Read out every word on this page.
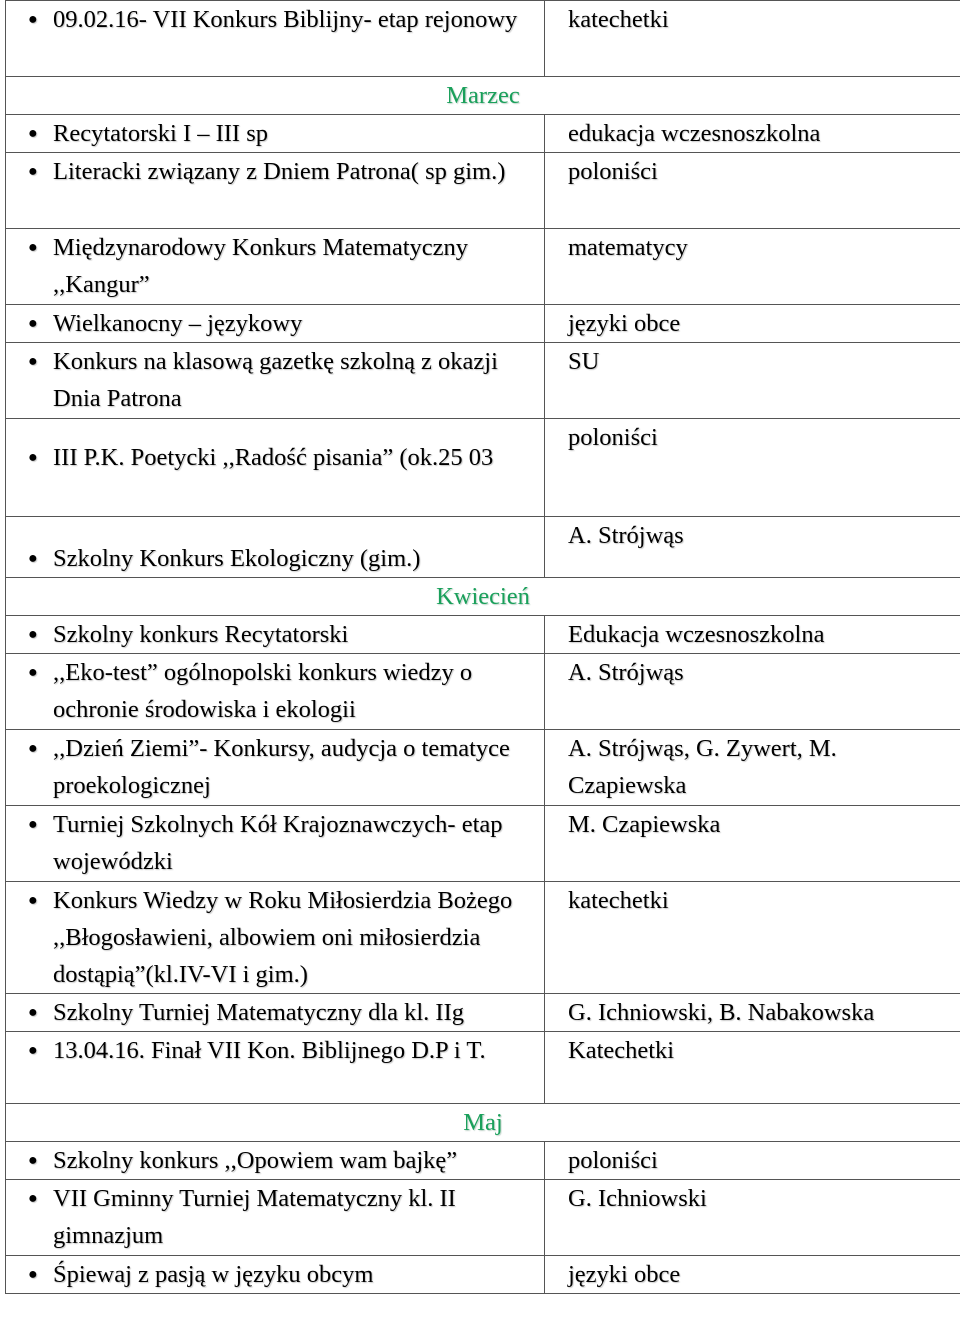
● 09.02.16- VII Konkurs Biblijny- etap rejonowy	katechetki

Marzec	

● Recytatorski I – III sp	edukacja wczesnoszkolna

● Literacki związany z Dniem Patrona( sp gim.)	poloniści

● Międzynarodowy Konkurs Matematyczny ,,Kangur”	matematycy

● Wielkanocny – językowy	języki obce

● Konkurs na klasową gazetkę szkolną z okazji Dnia Patrona	SU

● III P.K. Poetycki ,,Radość pisania” (ok.25 03	poloniści

● Szkolny Konkurs Ekologiczny (gim.)	A. Strójwąs

Kwiecień	

● Szkolny konkurs Recytatorski	Edukacja wczesnoszkolna

● ,,Eko-test” ogólnopolski konkurs wiedzy o ochronie środowiska i ekologii	A. Strójwąs

● ,,Dzień Ziemi”- Konkursy, audycja o tematyce proekologicznej	A. Strójwąs, G. Zywert, M. Czapiewska

● Turniej Szkolnych Kół Krajoznawczych- etap wojewódzki	M. Czapiewska

● Konkurs Wiedzy w Roku Miłosierdzia Bożego ,,Błogosławieni, albowiem oni miłosierdzia dostąpią”(kl.IV-VI i gim.)	katechetki

● Szkolny Turniej Matematyczny dla kl. IIg	G. Ichniowski, B. Nabakowska

● 13.04.16. Finał VII Kon. Biblijnego D.P i T.	Katechetki

Maj	

● Szkolny konkurs ,,Opowiem wam bajkę”	poloniści

● VII Gminny Turniej Matematyczny kl. II gimnazjum	G. Ichniowski

● Śpiewaj z pasją w języku obcym	języki obce
